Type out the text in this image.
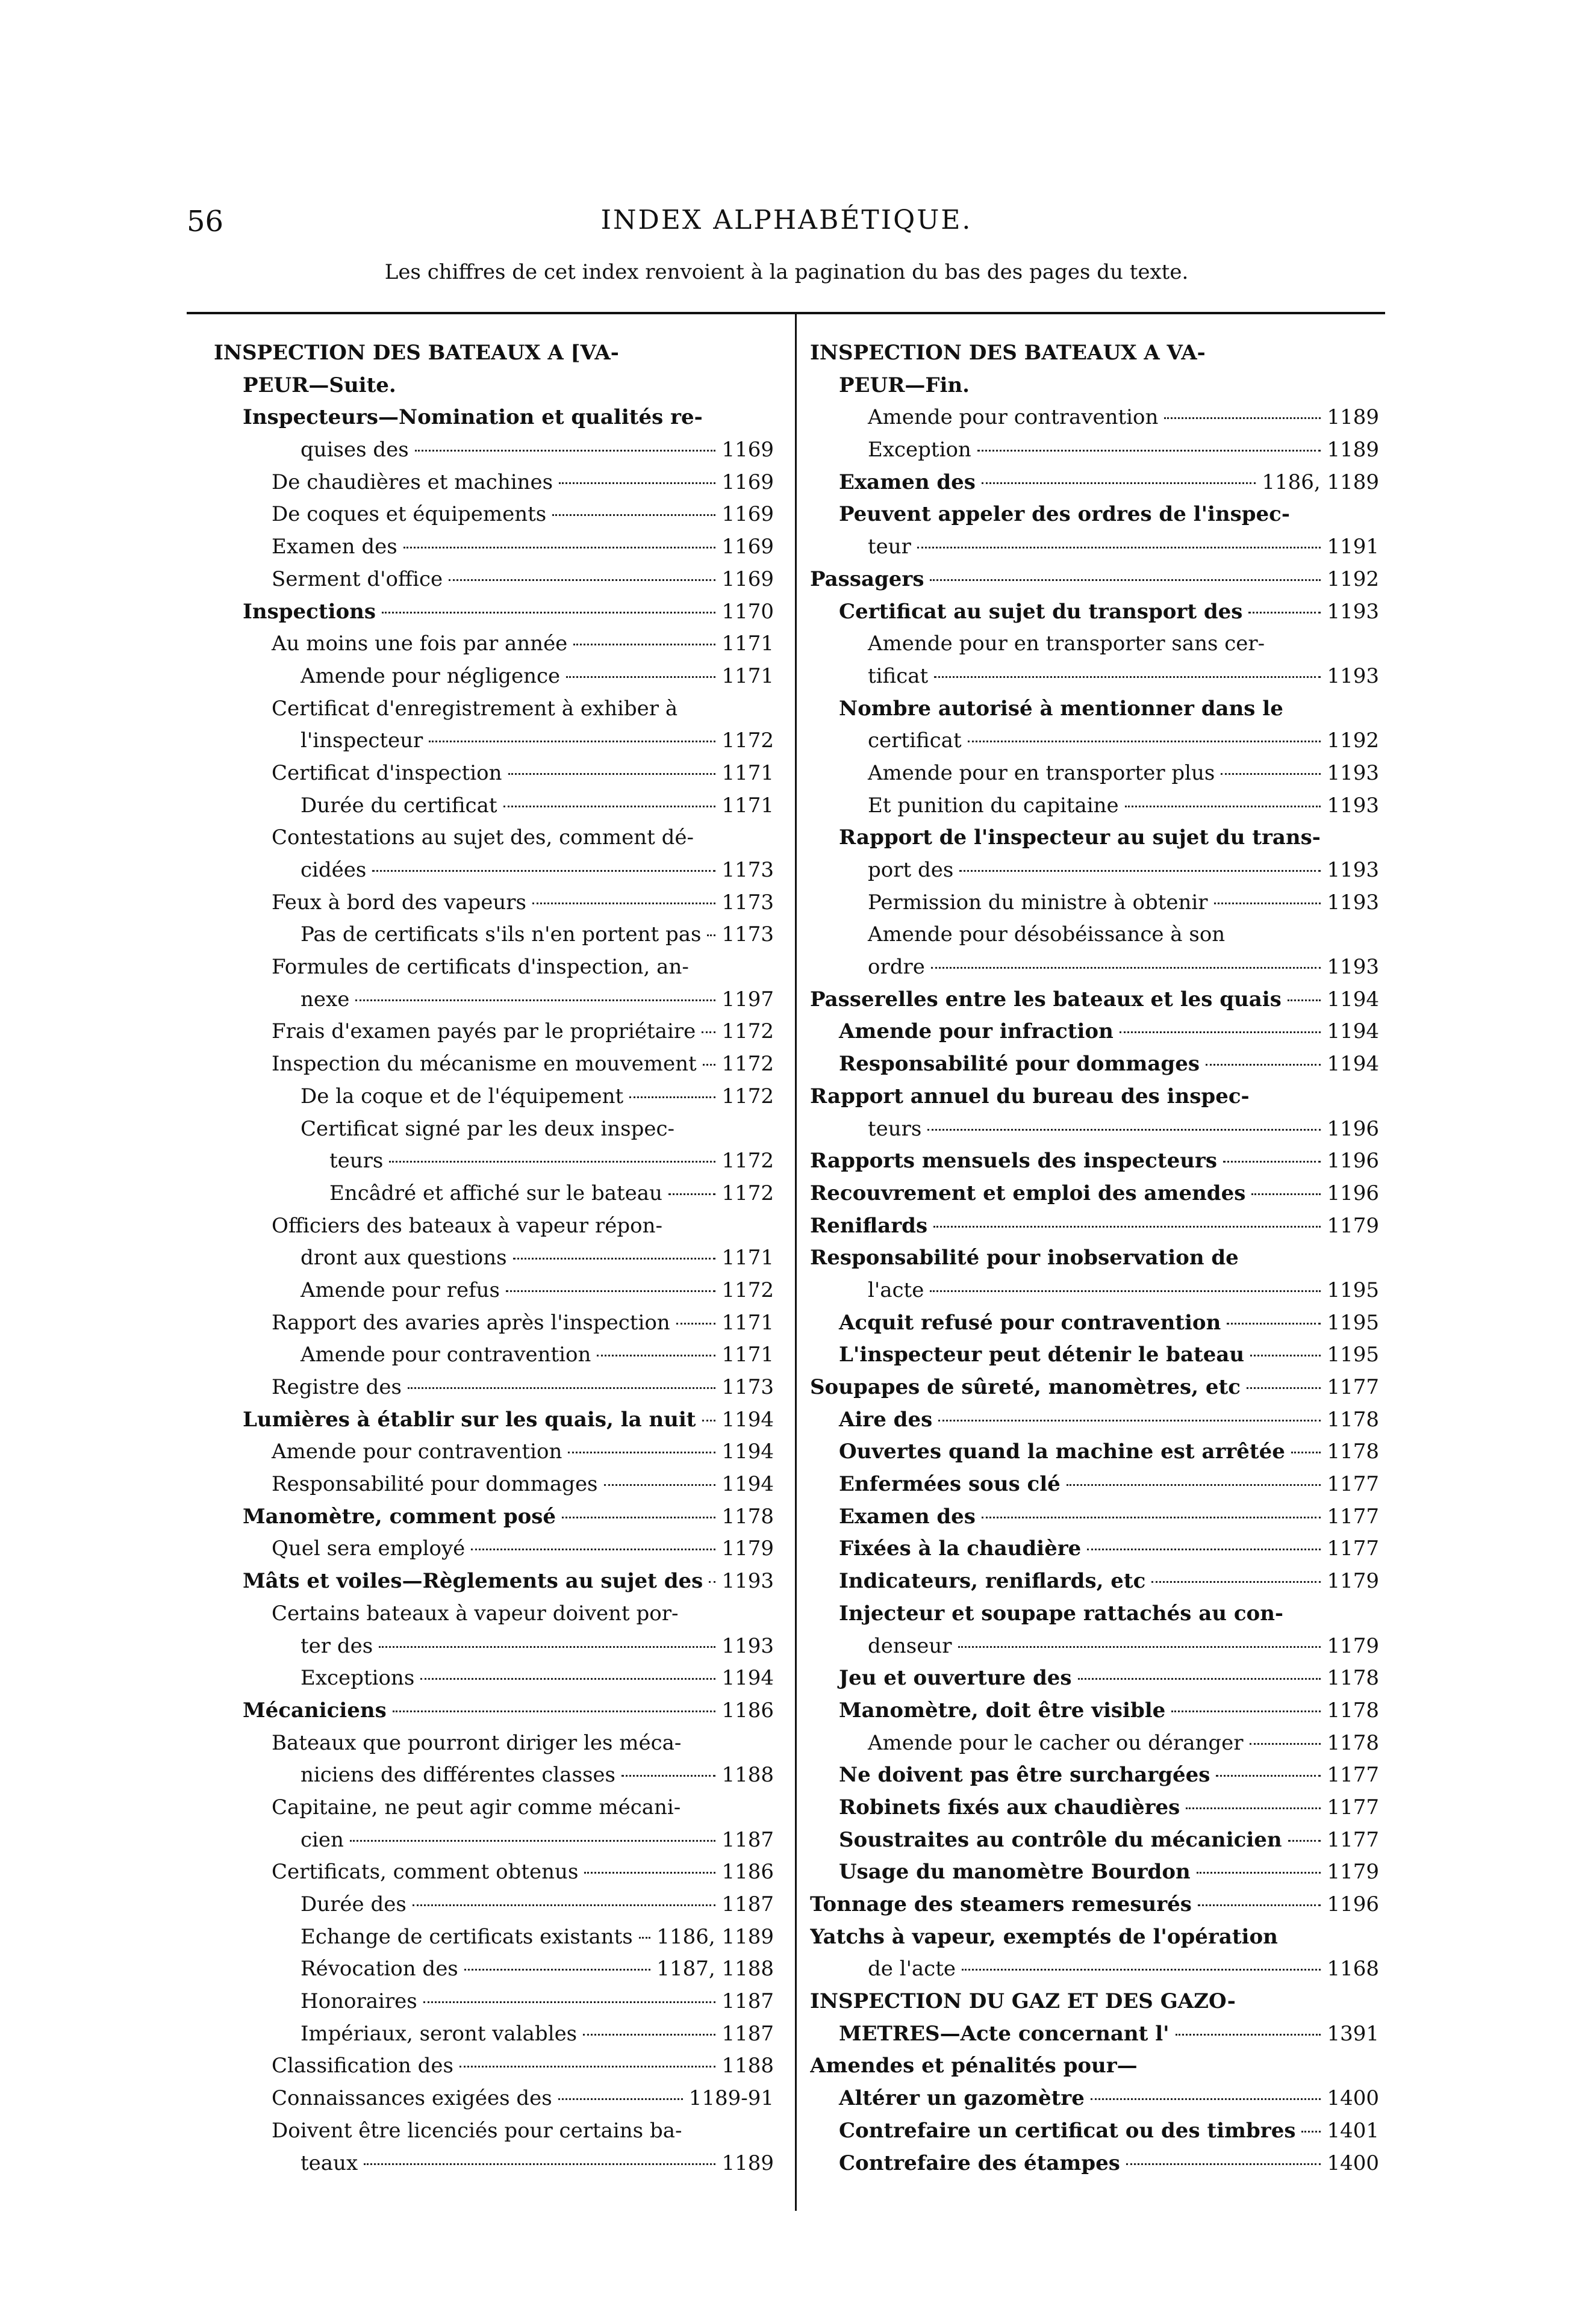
56	INDEX ALPHABÉTIQUE.
Les chiffres de cet index renvoient à la pagination du bas des pages du texte.
INSPECTION DES BATEAUX A [VA-
PEUR—Suite.
Inspecteurs—Nomination et qualités re-
quises des	1169
De chaudières et machines	1169
De coques et équipements	1169
Examen des	1169
Serment d'office	1169
Inspections	1170
Au moins une fois par année	1171
Amende pour négligence	1171
Certificat d'enregistrement à exhiber à
l'inspecteur	1172
Certificat d'inspection	1171
Durée du certificat	1171
Contestations au sujet des, comment dé-
cidées	1173
Feux à bord des vapeurs	1173
Pas de certificats s'ils n'en portent pas 1173
Formules de certificats d'inspection, an-
nexe	1197
Frais d'examen payés par le propriétaire 1172
Inspection du mécanisme en mouvement 1172
De la coque et de l'équipement	1172
Certificat signé par les deux inspec-
teurs	1172
Encâdré et affiché sur le bateau	1172
Officiers des bateaux à vapeur répon-
dront aux questions	1171
Amende pour refus	1172
Rapport des avaries après l'inspection	1171
Amende pour contravention	1171
Registre des	1173
Lumières à établir sur les quais, la nuit 1194
Amende pour contravention	1194
Responsabilité pour dommages	1194
Manomètre, comment posé	1178
Quel sera employé	1179
Mâts et voiles—Règlements au sujet des 1193
Certains bateaux à vapeur doivent por-
ter des	1193
Exceptions	1194
Mécaniciens	1186
Bateaux que pourront diriger les méca-
niciens des différentes classes	1188
Capitaine, ne peut agir comme mécani-
cien	1187
Certificats, comment obtenus	1186
Durée des	1187
Echange de certificats existants 1186, 1189
Révocation des	1187, 1188
Honoraires	1187
Impériaux, seront valables	1187
Classification des	1188
Connaissances exigées des	1189-91
Doivent être licenciés pour certains ba-
teaux	1189
INSPECTION DES BATEAUX A VA-
PEUR—Fin.
Amende pour contravention	1189
Exception	1189
Examen des	1186, 1189
Peuvent appeler des ordres de l'inspec-
teur	1191
Passagers	1192
Certificat au sujet du transport des	1193
Amende pour en transporter sans cer-
tificat	1193
Nombre autorisé à mentionner dans le
certificat	1192
Amende pour en transporter plus	1193
Et punition du capitaine	1193
Rapport de l'inspecteur au sujet du trans-
port des	1193
Permission du ministre à obtenir	1193
Amende pour désobéissance à son
ordre	1193
Passerelles entre les bateaux et les quais 1194
Amende pour infraction	1194
Responsabilité pour dommages	1194
Rapport annuel du bureau des inspec-
teurs	1196
Rapports mensuels des inspecteurs	1196
Recouvrement et emploi des amendes	1196
Reniflards	1179
Responsabilité pour inobservation de
l'acte	1195
Acquit refusé pour contravention	1195
L'inspecteur peut détenir le bateau	1195
Soupapes de sûreté, manomètres, etc	1177
Aire des	1178
Ouvertes quand la machine est arrêtée 1178
Enfermées sous clé	1177
Examen des	1177
Fixées à la chaudière	1177
Indicateurs, reniflards, etc	1179
Injecteur et soupape rattachés au con-
denseur	1179
Jeu et ouverture des	1178
Manomètre, doit être visible	1178
Amende pour le cacher ou déranger	1178
Ne doivent pas être surchargées	1177
Robinets fixés aux chaudières	1177
Soustraites au contrôle du mécanicien 1177
Usage du manomètre Bourdon	1179
Tonnage des steamers remesurés	1196
Yatchs à vapeur, exemptés de l'opération
de l'acte	1168
INSPECTION DU GAZ ET DES GAZO-
METRES—Acte concernant l'	1391
Amendes et pénalités pour—
Altérer un gazomètre	1400
Contrefaire un certificat ou des timbres 1401
Contrefaire des étampes	1400
